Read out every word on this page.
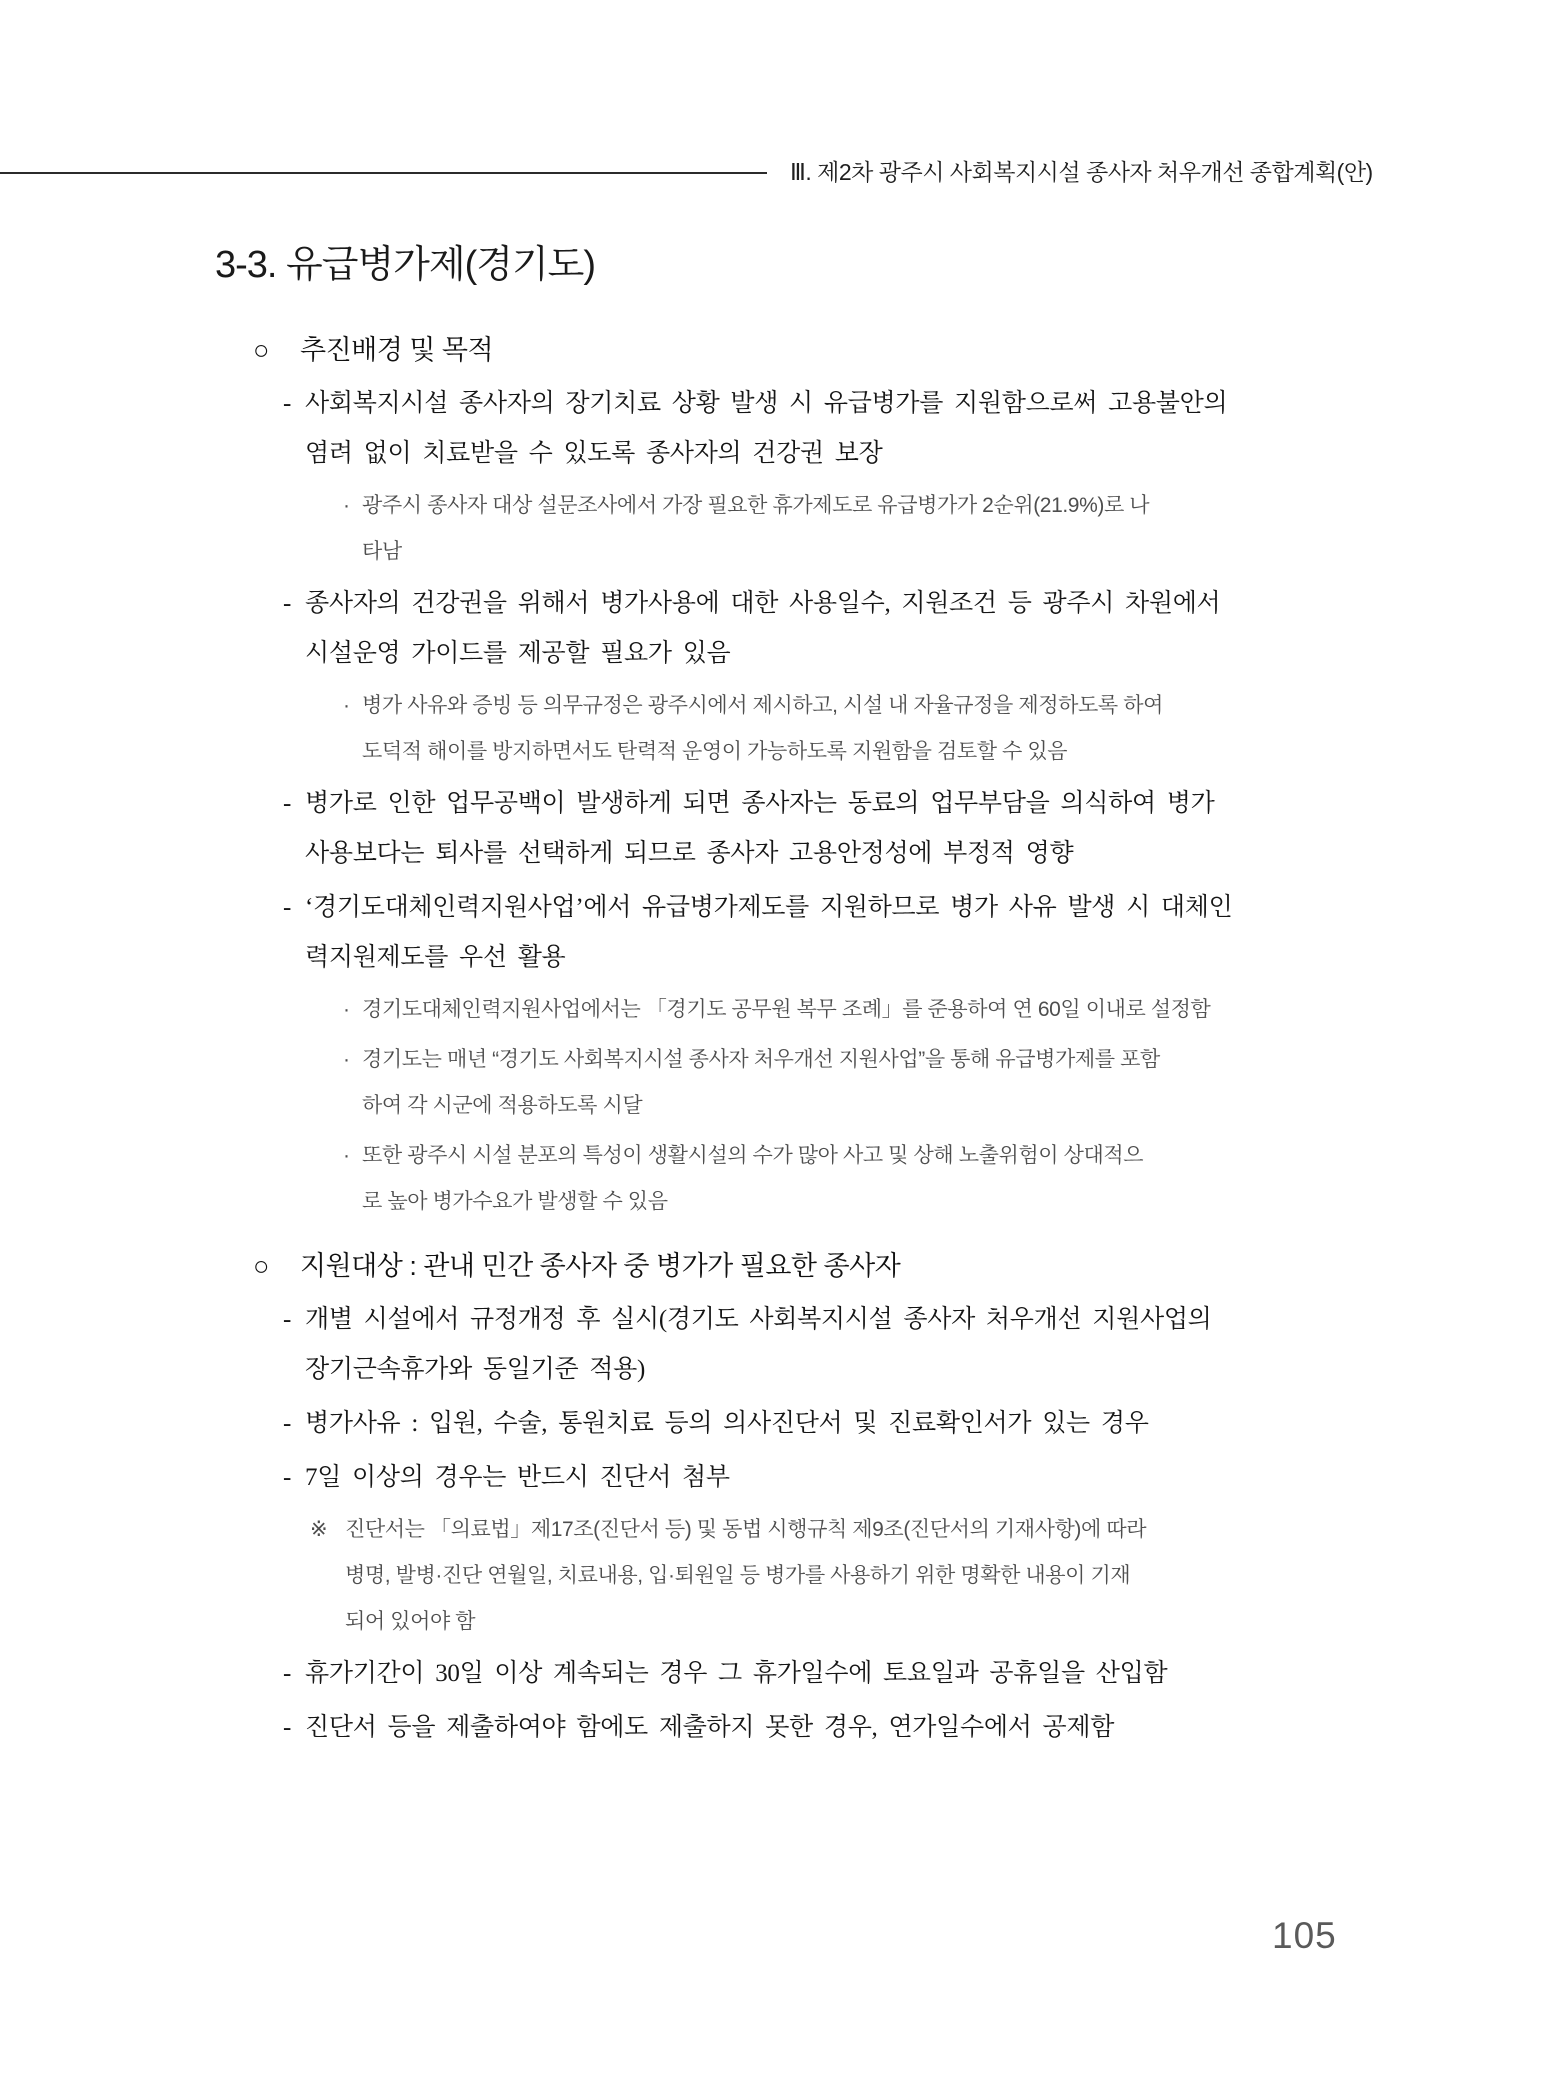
Ⅲ. 제2차 광주시 사회복지시설 종사자 처우개선 종합계획(안)
3-3. 유급병가제(경기도)
○	추진배경 및 목적
- 사회복지시설 종사자의 장기치료 상황 발생 시 유급병가를 지원함으로써 고용불안의
염려 없이 치료받을 수 있도록 종사자의 건강권 보장
· 광주시 종사자 대상 설문조사에서 가장 필요한 휴가제도로 유급병가가 2순위(21.9%)로 나
타남
- 종사자의 건강권을 위해서 병가사용에 대한 사용일수, 지원조건 등 광주시 차원에서
시설운영 가이드를 제공할 필요가 있음
· 병가 사유와 증빙 등 의무규정은 광주시에서 제시하고, 시설 내 자율규정을 제정하도록 하여
도덕적 해이를 방지하면서도 탄력적 운영이 가능하도록 지원함을 검토할 수 있음
- 병가로 인한 업무공백이 발생하게 되면 종사자는 동료의 업무부담을 의식하여 병가
사용보다는 퇴사를 선택하게 되므로 종사자 고용안정성에 부정적 영향
- ‘경기도대체인력지원사업’에서 유급병가제도를 지원하므로 병가 사유 발생 시 대체인
력지원제도를 우선 활용
· 경기도대체인력지원사업에서는 「경기도 공무원 복무 조례」를 준용하여 연 60일 이내로 설정함
· 경기도는 매년 “경기도 사회복지시설 종사자 처우개선 지원사업”을 통해 유급병가제를 포함
하여 각 시군에 적용하도록 시달
· 또한 광주시 시설 분포의 특성이 생활시설의 수가 많아 사고 및 상해 노출위험이 상대적으
로 높아 병가수요가 발생할 수 있음
○	지원대상 : 관내 민간 종사자 중 병가가 필요한 종사자
- 개별 시설에서 규정개정 후 실시(경기도 사회복지시설 종사자 처우개선 지원사업의
장기근속휴가와 동일기준 적용)
- 병가사유 : 입원, 수술, 통원치료 등의 의사진단서 및 진료확인서가 있는 경우
- 7일 이상의 경우는 반드시 진단서 첨부
※ 진단서는 「의료법」제17조(진단서 등) 및 동법 시행규칙 제9조(진단서의 기재사항)에 따라
병명, 발병·진단 연월일, 치료내용, 입·퇴원일 등 병가를 사용하기 위한 명확한 내용이 기재
되어 있어야 함
- 휴가기간이 30일 이상 계속되는 경우 그 휴가일수에 토요일과 공휴일을 산입함
- 진단서 등을 제출하여야 함에도 제출하지 못한 경우, 연가일수에서 공제함
105
